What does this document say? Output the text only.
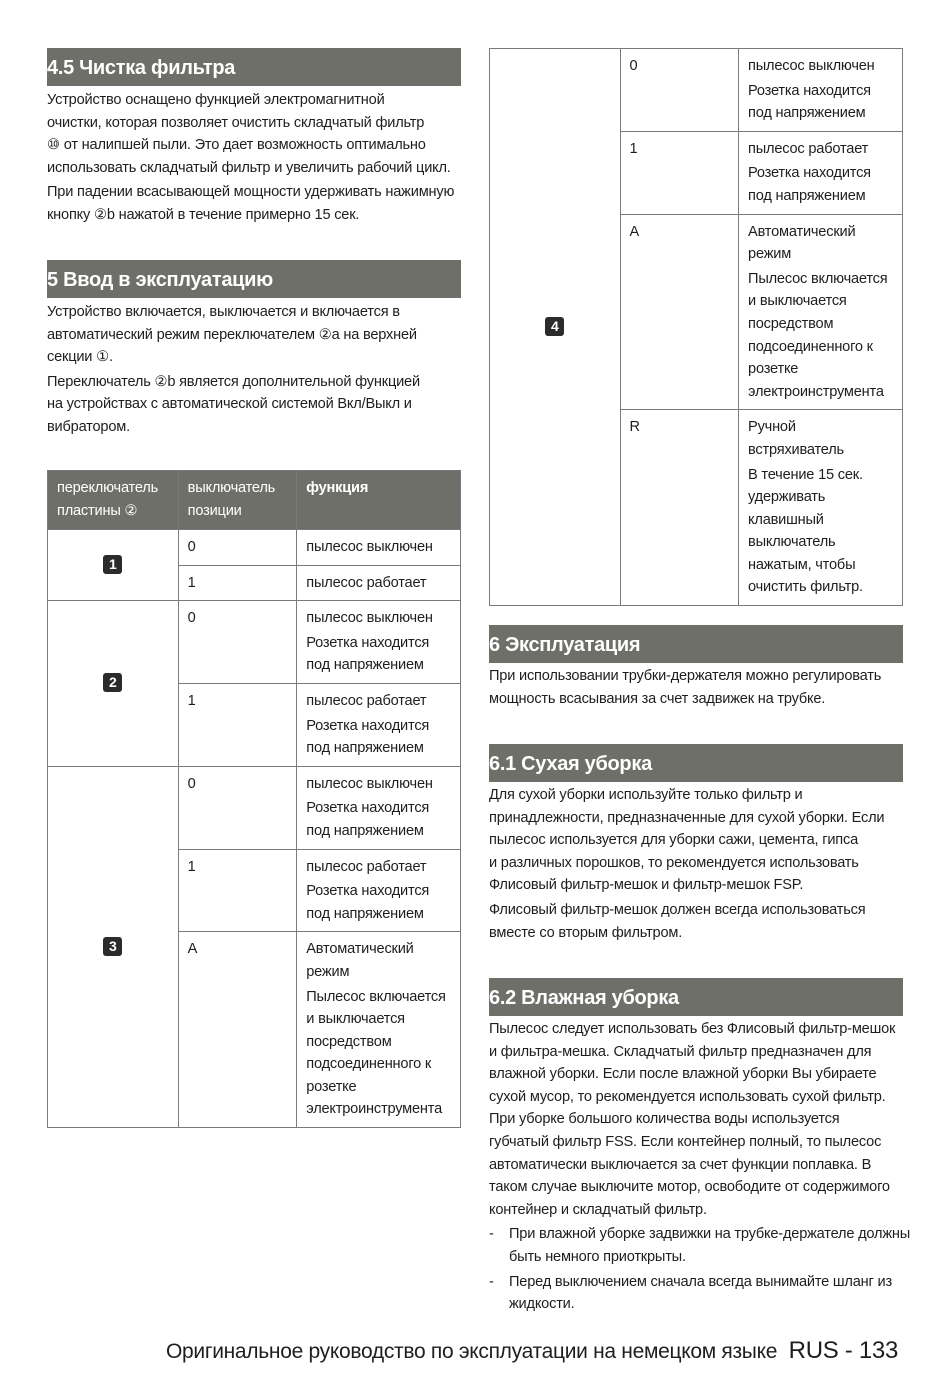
4.5 Чистка фильтра
Устройство оснащено функцией электромагнитной
очистки, которая позволяет очистить складчатый фильтр
⑩ от налипшей пыли. Это дает возможность оптимально
использовать складчатый фильтр и увеличить рабочий цикл.
При падении всасывающей мощности удерживать нажимную
кнопку ②b нажатой в течение примерно 15 сек.
5 Ввод в эксплуатацию
Устройство включается, выключается и включается в
автоматический режим переключателем ②a на верхней
секции ①.
Переключатель ②b является дополнительной функцией
на устройствах с автоматической системой Вкл/Выкл и
вибратором.
переключатель пластины ②	выключатель позиции	функция
1	0	пылесос выключен
	1	пылесос работает
2	0	пылесос выключен
Розетка находится под напряжением

	1	пылесос работает
Розетка находится под напряжением

3	0	пылесос выключен
Розетка находится под напряжением

	1	пылесос работает
Розетка находится под напряжением

	A	Автоматический режим
Пылесос включается и выключается посредством подсоединенного к розетке электроинструмента
4	0	пылесос выключен
Розетка находится под напряжением

	1	пылесос работает
Розетка находится под напряжением

	A	Автоматический режим
Пылесос включается и выключается посредством подсоединенного к розетке электроинструмента

	R	Ручной встряхиватель
В течение 15 сек. удерживать клавишный выключатель нажатым, чтобы очистить фильтр.
6 Эксплуатация
При использовании трубки-держателя можно регулировать
мощность всасывания за счет задвижек на трубке.
6.1 Сухая уборка
Для сухой уборки используйте только фильтр и
принадлежности, предназначенные для сухой уборки. Если
пылесос используется для уборки сажи, цемента, гипса
и различных порошков, то рекомендуется использовать
Флисовый фильтр-мешок и фильтр-мешок FSP.
Флисовый фильтр-мешок должен всегда использоваться
вместе со вторым фильтром.
6.2 Влажная уборка
Пылесос следует использовать без Флисовый фильтр-мешок
и фильтра-мешка. Складчатый фильтр предназначен для
влажной уборки. Если после влажной уборки Вы убираете
сухой мусор, то рекомендуется использовать сухой фильтр.
При уборке большого количества воды используется
губчатый фильтр FSS. Если контейнер полный, то пылесос
автоматически выключается за счет функции поплавка. В
таком случае выключите мотор, освободите от содержимого
контейнер и складчатый фильтр.
- При влажной уборке задвижки на трубке-держателе должны
быть немного приоткрыты.
- Перед выключением сначала всегда вынимайте шланг из
жидкости.
Оригинальное руководство по эксплуатации на немецком языке RUS - 133
